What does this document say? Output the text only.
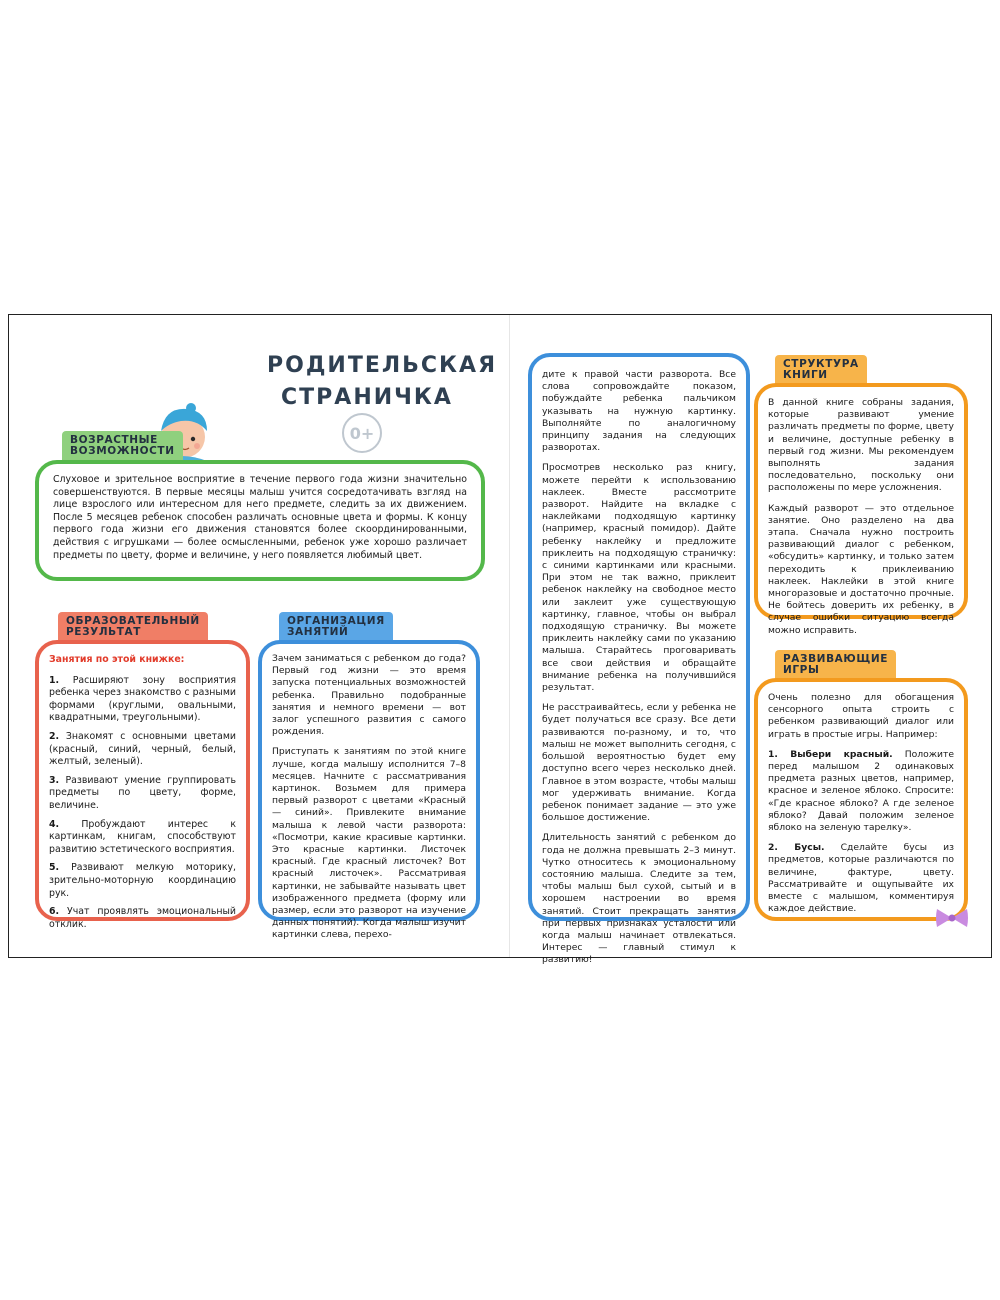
РОДИТЕЛЬСКАЯ
СТРАНИЧКА
0+
ВОЗРАСТНЫЕ
ВОЗМОЖНОСТИ
Слуховое и зрительное восприятие в течение первого года жизни значительно совершенствуются. В первые месяцы малыш учится сосредотачивать взгляд на лице взрослого или интересном для него предмете, следить за их движением. После 5 месяцев ребенок способен различать основные цвета и формы. К концу первого года жизни его движения становятся более скоординированными, действия с игрушками — более осмысленными, ребенок уже хорошо различает предметы по цвету, форме и величине, у него появляется любимый цвет.
ОБРАЗОВАТЕЛЬНЫЙ
РЕЗУЛЬТАТ

Занятия по этой книжке:

1. Расширяют зону восприятия ребенка через знакомство с разными формами (круглыми, овальными, квадратными, треугольными).
2. Знакомят с основными цветами (красный, синий, черный, белый, желтый, зеленый).
3. Развивают умение группировать предметы по цвету, форме, величине.
4. Пробуждают интерес к картинкам, книгам, способствуют развитию эстетического восприятия.
5. Развивают мелкую моторику, зрительно-моторную координацию рук.
6. Учат проявлять эмоциональный отклик.
ОРГАНИЗАЦИЯ
ЗАНЯТИЙ

Зачем заниматься с ребенком до года? Первый год жизни — это время запуска потенциальных возможностей ребенка. Правильно подобранные занятия и немного времени — вот залог успешного развития с самого рождения.

Приступать к занятиям по этой книге лучше, когда малышу исполнится 7–8 месяцев. Начните с рассматривания картинок. Возьмем для примера первый разворот с цветами «Красный — синий». Привлеките внимание малыша к левой части разворота: «Посмотри, какие красивые картинки. Это красные картинки. Листочек красный. Где красный листочек? Вот красный листочек». Рассматривая картинки, не забывайте называть цвет изображенного предмета (форму или размер, если это разворот на изучение данных понятий). Когда малыш изучит картинки слева, перехо-

дите к правой части разворота. Все слова сопровождайте показом, побуждайте ребенка пальчиком указывать на нужную картинку. Выполняйте по аналогичному принципу задания на следующих разворотах.

Просмотрев несколько раз книгу, можете перейти к использованию наклеек. Вместе рассмотрите разворот. Найдите на вкладке с наклейками подходящую картинку (например, красный помидор). Дайте ребенку наклейку и предложите приклеить на подходящую страничку: с синими картинками или красными. При этом не так важно, приклеит ребенок наклейку на свободное место или заклеит уже существующую картинку, главное, чтобы он выбрал подходящую страничку. Вы можете приклеить наклейку сами по указанию малыша. Старайтесь проговаривать все свои действия и обращайте внимание ребенка на получившийся результат.

Не расстраивайтесь, если у ребенка не будет получаться все сразу. Все дети развиваются по-разному, и то, что малыш не может выполнить сегодня, с большой вероятностью будет ему доступно всего через несколько дней. Главное в этом возрасте, чтобы малыш мог удерживать внимание. Когда ребенок понимает задание — это уже большое достижение.

Длительность занятий с ребенком до года не должна превышать 2–3 минут. Чутко относитесь к эмоциональному состоянию малыша. Следите за тем, чтобы малыш был сухой, сытый и в хорошем настроении во время занятий. Стоит прекращать занятия при первых признаках усталости или когда малыш начинает отвлекаться. Интерес — главный стимул к развитию!

СТРУКТУРА
КНИГИ

В данной книге собраны задания, которые развивают умение различать предметы по форме, цвету и величине, доступные ребенку в первый год жизни. Мы рекомендуем выполнять задания последовательно, поскольку они расположены по мере усложнения.

Каждый разворот — это отдельное занятие. Оно разделено на два этапа. Сначала нужно построить развивающий диалог с ребенком, «обсудить» картинку, и только затем переходить к приклеиванию наклеек. Наклейки в этой книге многоразовые и достаточно прочные. Не бойтесь доверить их ребенку, в случае ошибки ситуацию всегда можно исправить.

РАЗВИВАЮЩИЕ
ИГРЫ

Очень полезно для обогащения сенсорного опыта строить с ребенком развивающий диалог или играть в простые игры. Например:

1. Выбери красный. Положите перед малышом 2 одинаковых предмета разных цветов, например, красное и зеленое яблоко. Спросите: «Где красное яблоко? А где зеленое яблоко? Давай положим зеленое яблоко на зеленую тарелку».

2. Бусы. Сделайте бусы из предметов, которые различаются по величине, фактуре, цвету. Рассматривайте и ощупывайте их вместе с малышом, комментируя каждое действие.
